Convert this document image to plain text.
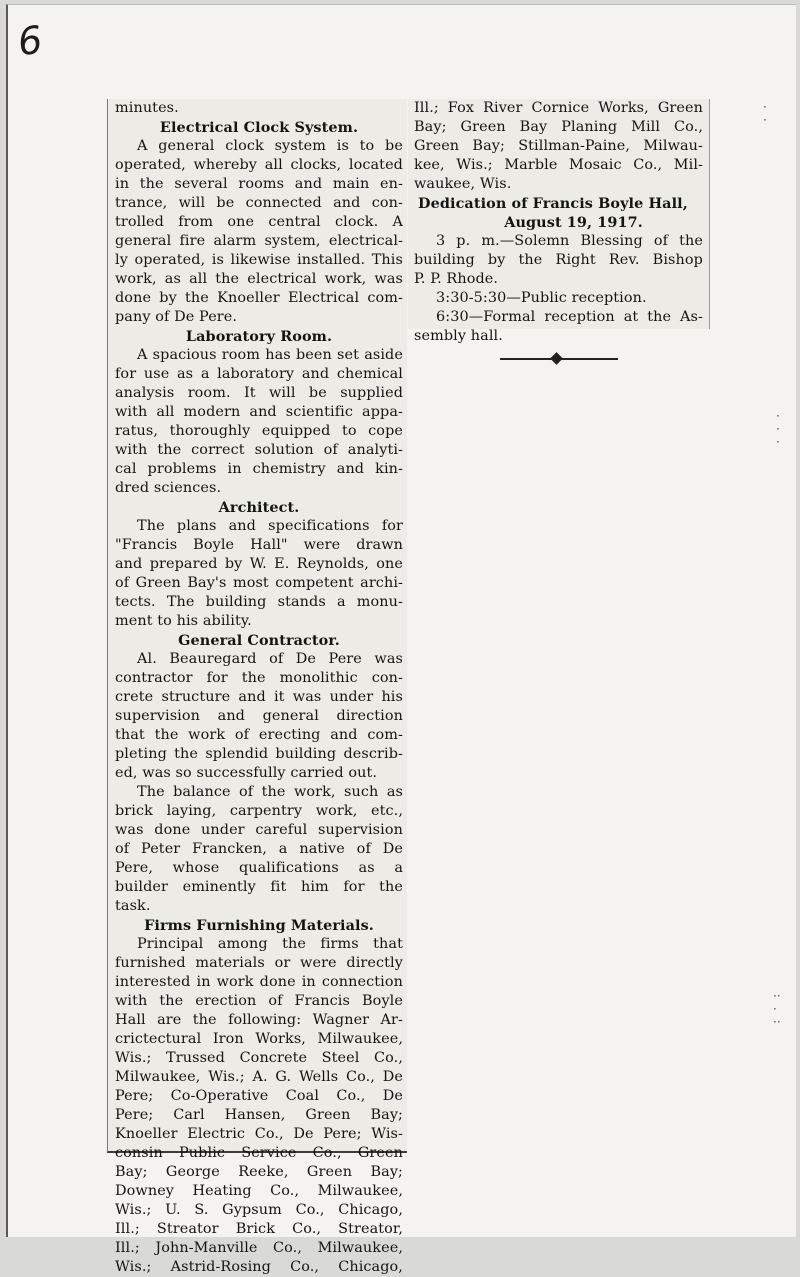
6
minutes.
Electrical Clock System.
A general clock system is to be
operated, whereby all clocks, located
in the several rooms and main en-
trance, will be connected and con-
trolled from one central clock. A
general fire alarm system, electrical-
ly operated, is likewise installed. This
work, as all the electrical work, was
done by the Knoeller Electrical com-
pany of De Pere.
Laboratory Room.
A spacious room has been set aside
for use as a laboratory and chemical
analysis room. It will be supplied
with all modern and scientific appa-
ratus, thoroughly equipped to cope
with the correct solution of analyti-
cal problems in chemistry and kin-
dred sciences.
Architect.
The plans and specifications for
"Francis Boyle Hall" were drawn
and prepared by W. E. Reynolds, one
of Green Bay's most competent archi-
tects. The building stands a monu-
ment to his ability.
General Contractor.
Al. Beauregard of De Pere was
contractor for the monolithic con-
crete structure and it was under his
supervision and general direction
that the work of erecting and com-
pleting the splendid building describ-
ed, was so successfully carried out.
The balance of the work, such as
brick laying, carpentry work, etc.,
was done under careful supervision
of Peter Francken, a native of De
Pere, whose qualifications as a
builder eminently fit him for the
task.
Firms Furnishing Materials.
Principal among the firms that
furnished materials or were directly
interested in work done in connection
with the erection of Francis Boyle
Hall are the following: Wagner Ar-
crictectural Iron Works, Milwaukee,
Wis.; Trussed Concrete Steel Co.,
Milwaukee, Wis.; A. G. Wells Co., De
Pere; Co-Operative Coal Co., De
Pere; Carl Hansen, Green Bay;
Knoeller Electric Co., De Pere; Wis-
consin Public Service Co., Green
Bay; George Reeke, Green Bay;
Downey Heating Co., Milwaukee,
Wis.; U. S. Gypsum Co., Chicago,
Ill.; Streator Brick Co., Streator,
Ill.; John-Manville Co., Milwaukee,
Wis.; Astrid-Rosing Co., Chicago,
Ill.; Fox River Cornice Works, Green
Bay; Green Bay Planing Mill Co.,
Green Bay; Stillman-Paine, Milwau-
kee, Wis.; Marble Mosaic Co., Mil-
waukee, Wis.
Dedication of Francis Boyle Hall,
August 19, 1917.
3 p. m.—Solemn Blessing of the
building by the Right Rev. Bishop
P. P. Rhode.
3:30-5:30—Public reception.
6:30—Formal reception at the As-
sembly hall.
⋅
⋅
⋅
⋅
⋅
⋅⋅
⋅
⋅⋅
